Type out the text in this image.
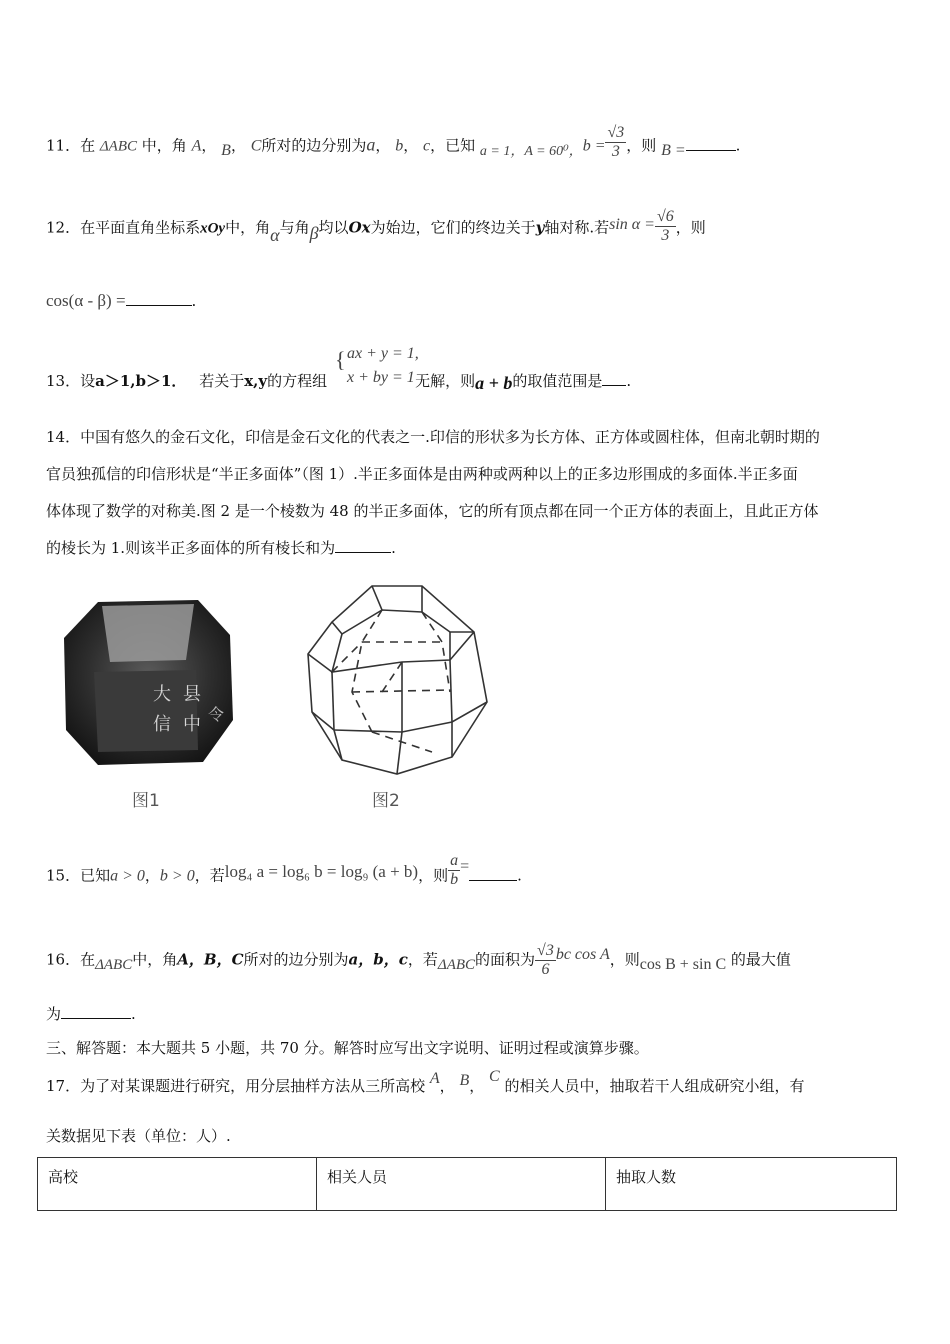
11．在 ΔABC 中，角 A， B， C所对的边分别为a， b， c，已知 a = 1，A = 60⁰，$b = \frac{√3}{3}$ ，则 B =	.
12．在平面直角坐标系xOy中，角α与角β均以Ox为始边，它们的终边关于y轴对称.若$\sin \alpha = \frac{√6}{3}$ ，则
cos(α - β) =	.
{ ax + y = 1,
x + by = 1
13．设a＞1,b＞1． 若关于x,y的方程组	无解，则a + b的取值范围是 .
14．中国有悠久的金石文化，印信是金石文化的代表之一.印信的形状多为长方体、正方体或圆柱体，但南北朝时期的
官员独孤信的印信形状是“半正多面体”（图 1）.半正多面体是由两种或两种以上的正多边形围成的多面体.半正多面
体体现了数学的对称美.图 2 是一个棱数为 48 的半正多面体，它的所有顶点都在同一个正方体的表面上，且此正方体
的棱长为 1.则该半正多面体的所有棱长和为	.
大 县
信 中 令
图1	图2
15．已知a > 0，b > 0，若log₄ a = log₆ b = log₉ (a + b)，则 $\frac{a}{b}$ =.
16．在ΔABC中，角A，B，C所对的边分别为a，b，c，若ΔABC的面积为 $\frac{√3}{6}$ bc cos A，则cos B + sin C 的最大值
为	.
三、解答题：本大题共 5 小题，共 70 分。解答时应写出文字说明、证明过程或演算步骤。
17．为了对某课题进行研究，用分层抽样方法从三所高校 A， B， C 的相关人员中，抽取若干人组成研究小组，有
关数据见下表（单位：人）.
高校	相关人员	抽取人数
